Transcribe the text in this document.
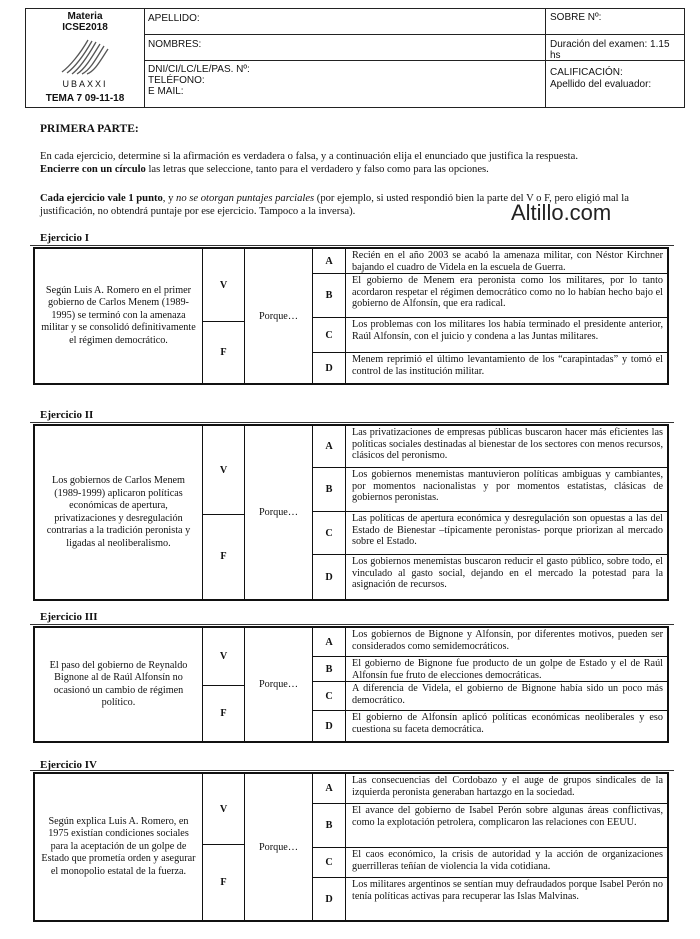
Materia
ICSE2018
UBAXXI
TEMA 7 09-11-18
APELLIDO:
NOMBRES:
DNI/CI/LC/LE/PAS. Nº:
TELÉFONO:
E MAIL:
SOBRE Nº:
Duración del examen: 1.15 hs
CALIFICACIÓN:
Apellido del evaluador:
PRIMERA PARTE:
En cada ejercicio, determine si la afirmación es verdadera o falsa, y a continuación elija el enunciado que justifica la respuesta.
Encierre con un círculo las letras que seleccione, tanto para el verdadero y falso como para las opciones.
Cada ejercicio vale 1 punto, y no se otorgan puntajes parciales (por ejemplo, si usted respondió bien la parte del V o F, pero eligió mal la justificación, no obtendrá puntaje por ese ejercicio. Tampoco a la inversa).	Altillo.com
Ejercicio I
Según Luis A. Romero en el primer gobierno de Carlos Menem (1989-1995) se terminó con la amenaza militar y se consolidó definitivamente el régimen democrático.
V
F
Porque…
A
B
C
D
Recién en el año 2003 se acabó la amenaza militar, con Néstor Kirchner bajando el cuadro de Videla en la escuela de Guerra.
El gobierno de Menem era peronista como los militares, por lo tanto acordaron respetar el régimen democrático como no lo habían hecho bajo el gobierno de Alfonsín, que era radical.
Los problemas con los militares los había terminado el presidente anterior, Raúl Alfonsín, con el juicio y condena a las Juntas militares.
Menem reprimió el último levantamiento de los “carapintadas” y tomó el control de las institución militar.
Ejercicio II
Los gobiernos de Carlos Menem (1989-1999) aplicaron políticas económicas de apertura, privatizaciones y desregulación contrarias a la tradición peronista y ligadas al neoliberalismo.
V
F
Porque…
A
B
C
D
Las privatizaciones de empresas públicas buscaron hacer más eficientes las políticas sociales destinadas al bienestar de los sectores con menos recursos, clásicos del peronismo.
Los gobiernos menemistas mantuvieron políticas ambiguas y cambiantes, por momentos nacionalistas y por momentos estatistas, clásicas de gobiernos peronistas.
Las políticas de apertura económica y desregulación son opuestas a las del Estado de Bienestar –típicamente peronistas- porque priorizan al mercado sobre el Estado.
Los gobiernos menemistas buscaron reducir el gasto público, sobre todo, el vinculado al gasto social, dejando en el mercado la potestad para la asignación de recursos.
Ejercicio III
El paso del gobierno de Reynaldo Bignone al de Raúl Alfonsín no ocasionó un cambio de régimen político.
V
F
Porque…
A
B
C
D
Los gobiernos de Bignone y Alfonsín, por diferentes motivos, pueden ser considerados como semidemocráticos.
El gobierno de Bignone fue producto de un golpe de Estado y el de Raúl Alfonsín fue fruto de elecciones democráticas.
A diferencia de Videla, el gobierno de Bignone había sido un poco más democrático.
El gobierno de Alfonsín aplicó políticas económicas neoliberales y eso cuestiona su faceta democrática.
Ejercicio IV
Según explica Luis A. Romero, en 1975 existían condiciones sociales para la aceptación de un golpe de Estado que prometía orden y asegurar el monopolio estatal de la fuerza.
V
F
Porque…
A
B
C
D
Las consecuencias del Cordobazo y el auge de grupos sindicales de la izquierda peronista generaban hartazgo en la sociedad.
El avance del gobierno de Isabel Perón sobre algunas áreas conflictivas, como la explotación petrolera, complicaron las relaciones con EEUU.
El caos económico, la crisis de autoridad y la acción de organizaciones guerrilleras teñían de violencia la vida cotidiana.
Los militares argentinos se sentían muy defraudados porque Isabel Perón no tenía políticas activas para recuperar las Islas Malvinas.
